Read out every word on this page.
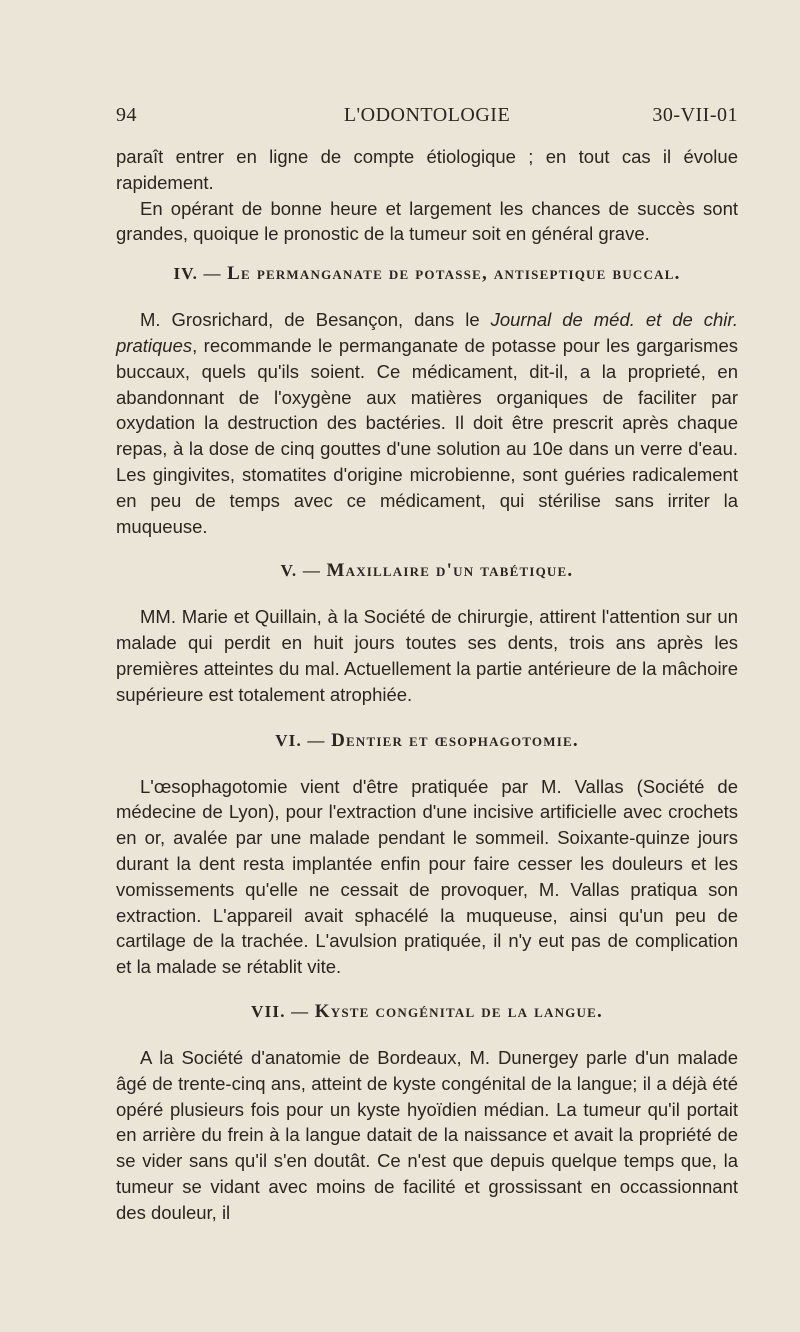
94	L'ODONTOLOGIE	30-VII-01

paraît entrer en ligne de compte étiologique ; en tout cas il évolue rapidement.

En opérant de bonne heure et largement les chances de succès sont grandes, quoique le pronostic de la tumeur soit en général grave.

IV. — Le permanganate de potasse, antiseptique buccal.

M. Grosrichard, de Besançon, dans le Journal de méd. et de chir. pratiques, recommande le permanganate de potasse pour les gargarismes buccaux, quels qu'ils soient. Ce médicament, dit-il, a la proprieté, en abandonnant de l'oxygène aux matières organiques de faciliter par oxydation la destruction des bactéries. Il doit être prescrit après chaque repas, à la dose de cinq gouttes d'une solution au 10e dans un verre d'eau. Les gingivites, stomatites d'origine microbienne, sont guéries radicalement en peu de temps avec ce médicament, qui stérilise sans irriter la muqueuse.

V. — Maxillaire d'un tabétique.

MM. Marie et Quillain, à la Société de chirurgie, attirent l'attention sur un malade qui perdit en huit jours toutes ses dents, trois ans après les premières atteintes du mal. Actuellement la partie antérieure de la mâchoire supérieure est totalement atrophiée.

VI. — Dentier et œsophagotomie.

L'œsophagotomie vient d'être pratiquée par M. Vallas (Société de médecine de Lyon), pour l'extraction d'une incisive artificielle avec crochets en or, avalée par une malade pendant le sommeil. Soixante-quinze jours durant la dent resta implantée enfin pour faire cesser les douleurs et les vomissements qu'elle ne cessait de provoquer, M. Vallas pratiqua son extraction. L'appareil avait sphacélé la muqueuse, ainsi qu'un peu de cartilage de la trachée. L'avulsion pratiquée, il n'y eut pas de complication et la malade se rétablit vite.

VII. — Kyste congénital de la langue.

A la Société d'anatomie de Bordeaux, M. Dunergey parle d'un malade âgé de trente-cinq ans, atteint de kyste congénital de la langue; il a déjà été opéré plusieurs fois pour un kyste hyoïdien médian. La tumeur qu'il portait en arrière du frein à la langue datait de la naissance et avait la propriété de se vider sans qu'il s'en doutât. Ce n'est que depuis quelque temps que, la tumeur se vidant avec moins de facilité et grossissant en occassionnant des douleur, il
